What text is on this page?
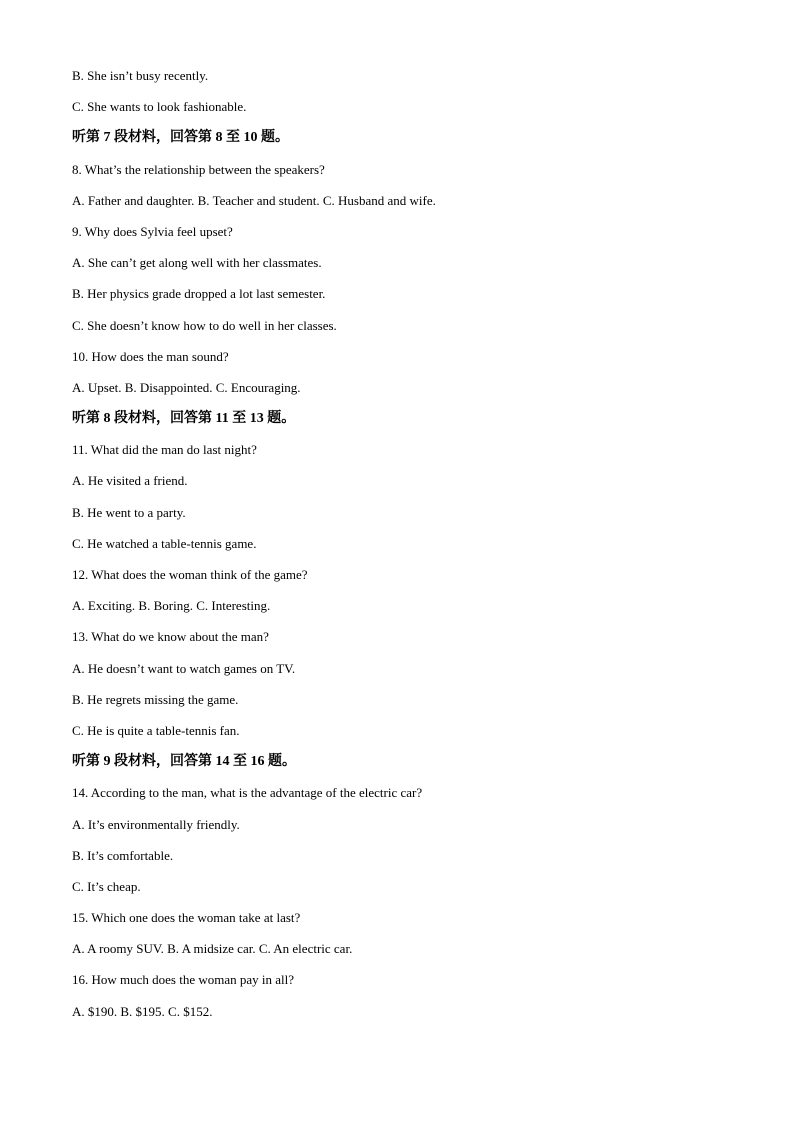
B. She isn’t busy recently.
C. She wants to look fashionable.
听第 7 段材料，回答第 8 至 10 题。
8. What’s the relationship between the speakers?
A. Father and daughter. B. Teacher and student. C. Husband and wife.
9. Why does Sylvia feel upset?
A. She can’t get along well with her classmates.
B. Her physics grade dropped a lot last semester.
C. She doesn’t know how to do well in her classes.
10. How does the man sound?
A. Upset. B. Disappointed. C. Encouraging.
听第 8 段材料，回答第 11 至 13 题。
11. What did the man do last night?
A. He visited a friend.
B. He went to a party.
C. He watched a table-tennis game.
12. What does the woman think of the game?
A. Exciting. B. Boring. C. Interesting.
13. What do we know about the man?
A. He doesn’t want to watch games on TV.
B. He regrets missing the game.
C. He is quite a table-tennis fan.
听第 9 段材料，回答第 14 至 16 题。
14. According to the man, what is the advantage of the electric car?
A. It’s environmentally friendly.
B. It’s comfortable.
C. It’s cheap.
15. Which one does the woman take at last?
A. A roomy SUV. B. A midsize car. C. An electric car.
16. How much does the woman pay in all?
A. $190. B. $195. C. $152.
